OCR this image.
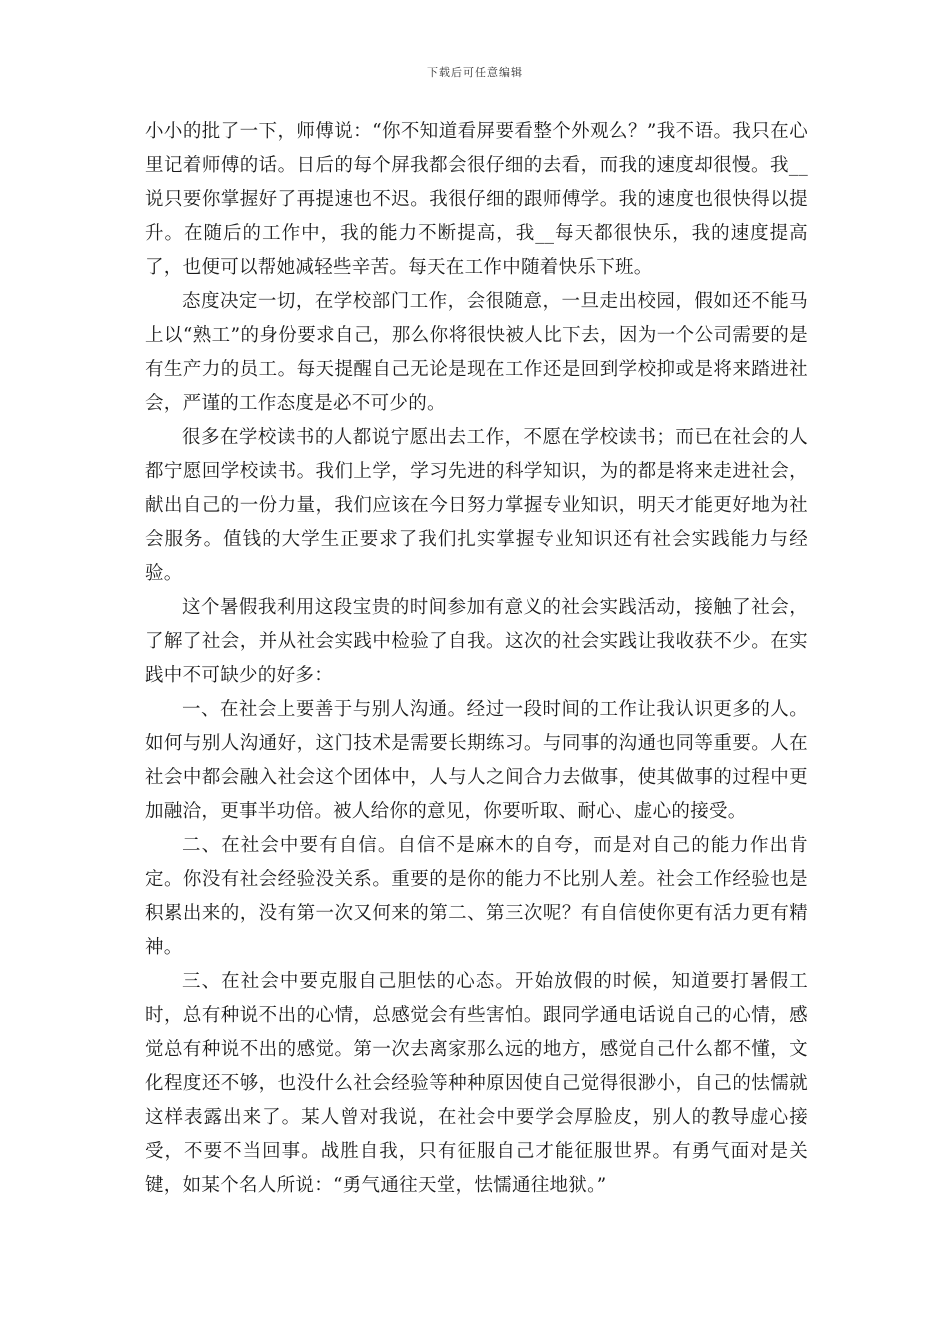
下载后可任意编辑

小小的批了一下，师傅说：“你不知道看屏要看整个外观么？”我不语。我只在心里记着师傅的话。日后的每个屏我都会很仔细的去看，而我的速度却很慢。我__说只要你掌握好了再提速也不迟。我很仔细的跟师傅学。我的速度也很快得以提升。在随后的工作中，我的能力不断提高，我__每天都很快乐，我的速度提高了，也便可以帮她减轻些辛苦。每天在工作中随着快乐下班。

态度决定一切，在学校部门工作，会很随意，一旦走出校园，假如还不能马上以“熟工”的身份要求自己，那么你将很快被人比下去，因为一个公司需要的是有生产力的员工。每天提醒自己无论是现在工作还是回到学校抑或是将来踏进社会，严谨的工作态度是必不可少的。

很多在学校读书的人都说宁愿出去工作，不愿在学校读书；而已在社会的人都宁愿回学校读书。我们上学，学习先进的科学知识，为的都是将来走进社会，献出自己的一份力量，我们应该在今日努力掌握专业知识，明天才能更好地为社会服务。值钱的大学生正要求了我们扎实掌握专业知识还有社会实践能力与经验。

这个暑假我利用这段宝贵的时间参加有意义的社会实践活动，接触了社会，了解了社会，并从社会实践中检验了自我。这次的社会实践让我收获不少。在实践中不可缺少的好多：

一、在社会上要善于与别人沟通。经过一段时间的工作让我认识更多的人。如何与别人沟通好，这门技术是需要长期练习。与同事的沟通也同等重要。人在社会中都会融入社会这个团体中，人与人之间合力去做事，使其做事的过程中更加融洽，更事半功倍。被人给你的意见，你要听取、耐心、虚心的接受。

二、在社会中要有自信。自信不是麻木的自夸，而是对自己的能力作出肯定。你没有社会经验没关系。重要的是你的能力不比别人差。社会工作经验也是积累出来的，没有第一次又何来的第二、第三次呢？有自信使你更有活力更有精神。

三、在社会中要克服自己胆怯的心态。开始放假的时候，知道要打暑假工时，总有种说不出的心情，总感觉会有些害怕。跟同学通电话说自己的心情，感觉总有种说不出的感觉。第一次去离家那么远的地方，感觉自己什么都不懂，文化程度还不够，也没什么社会经验等种种原因使自己觉得很渺小，自己的怯懦就这样表露出来了。某人曾对我说，在社会中要学会厚脸皮，别人的教导虚心接受，不要不当回事。战胜自我，只有征服自己才能征服世界。有勇气面对是关键，如某个名人所说：“勇气通往天堂，怯懦通往地狱。”
